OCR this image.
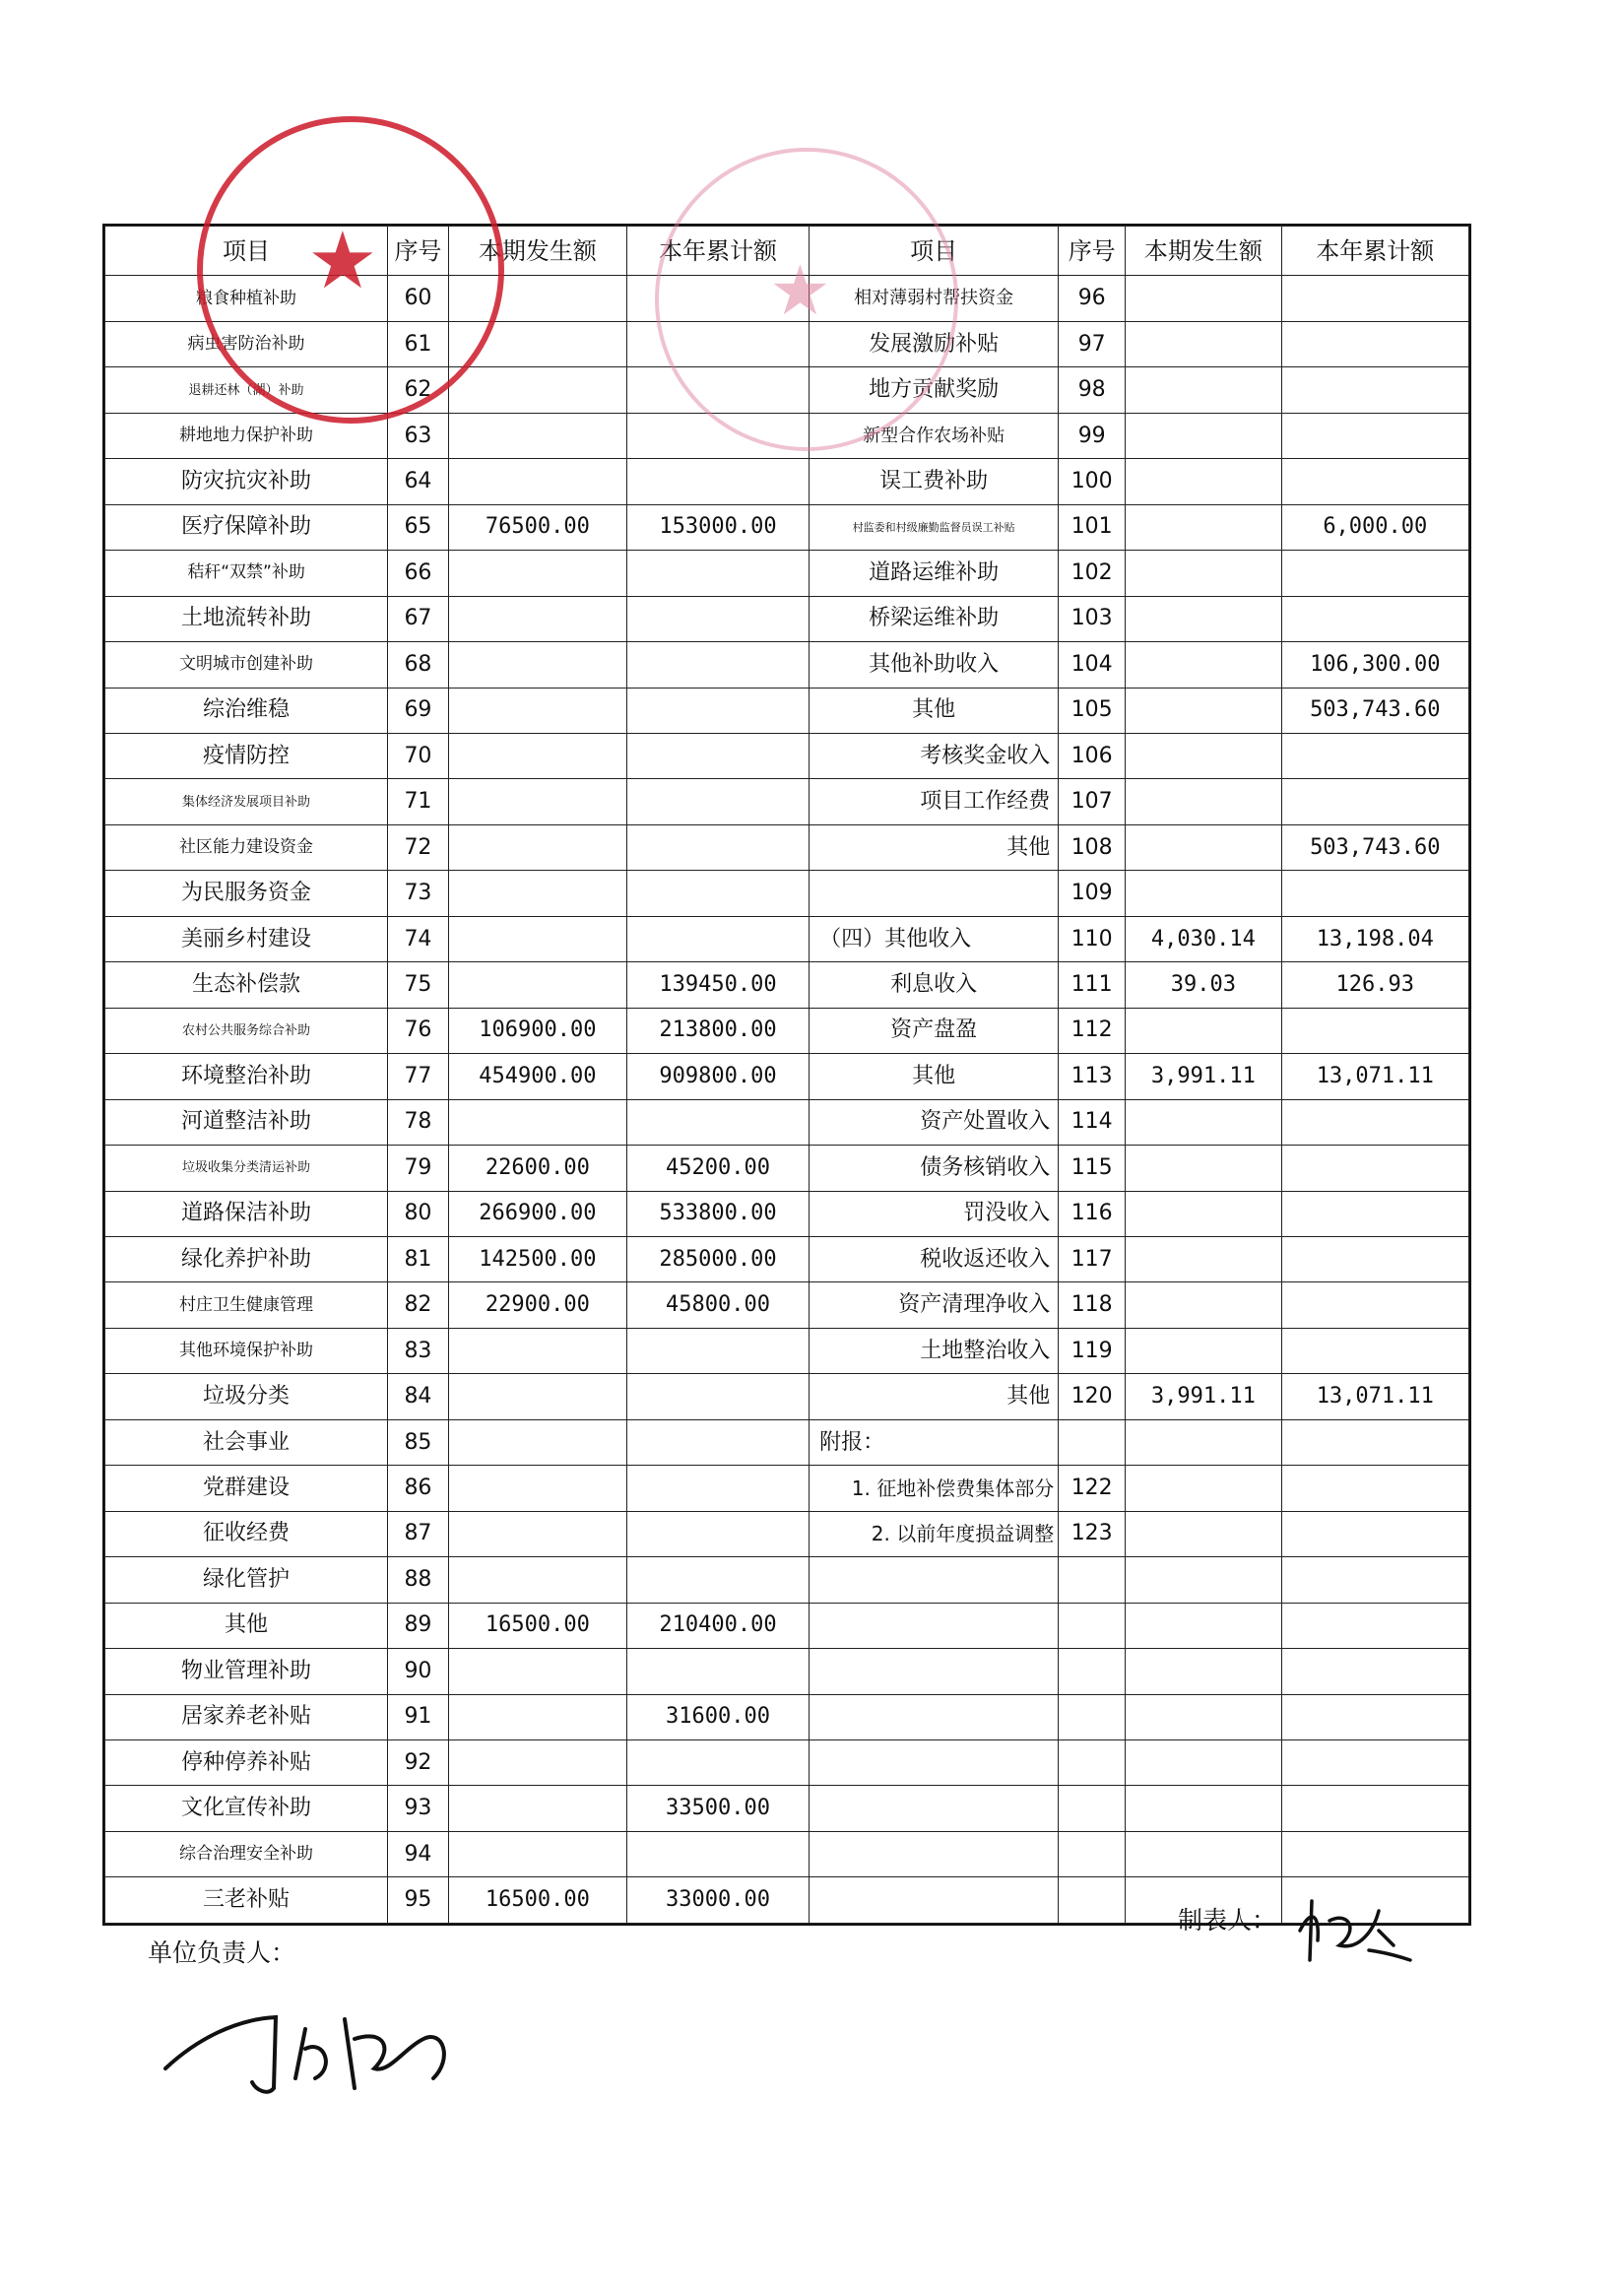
项目	序号	本期发生额	本年累计额	项目	序号	本期发生额	本年累计额
粮食种植补助	60			相对薄弱村帮扶资金	96		
病虫害防治补助	61			发展激励补贴	97		
退耕还林（湖）补助	62			地方贡献奖励	98		
耕地地力保护补助	63			新型合作农场补贴	99		
防灾抗灾补助	64			误工费补助	100		
医疗保障补助	65	76500.00	153000.00	村监委和村级廉勤监督员误工补贴	101		6,000.00
秸秆“双禁”补助	66			道路运维补助	102		
土地流转补助	67			桥梁运维补助	103		
文明城市创建补助	68			其他补助收入	104		106,300.00
综治维稳	69			其他	105		503,743.60
疫情防控	70			考核奖金收入	106		
集体经济发展项目补助	71			项目工作经费	107		
社区能力建设资金	72			其他	108		503,743.60
为民服务资金	73				109		
美丽乡村建设	74			（四）其他收入	110	4,030.14	13,198.04
生态补偿款	75		139450.00	利息收入	111	39.03	126.93
农村公共服务综合补助	76	106900.00	213800.00	资产盘盈	112		
环境整治补助	77	454900.00	909800.00	其他	113	3,991.11	13,071.11
河道整洁补助	78			资产处置收入	114		
垃圾收集分类清运补助	79	22600.00	45200.00	债务核销收入	115		
道路保洁补助	80	266900.00	533800.00	罚没收入	116		
绿化养护补助	81	142500.00	285000.00	税收返还收入	117		
村庄卫生健康管理	82	22900.00	45800.00	资产清理净收入	118		
其他环境保护补助	83			土地整治收入	119		
垃圾分类	84			其他	120	3,991.11	13,071.11
社会事业	85			附报：			
党群建设	86			1. 征地补偿费集体部分	122		
征收经费	87			2. 以前年度损益调整	123		
绿化管护	88						
其他	89	16500.00	210400.00				
物业管理补助	90						
居家养老补贴	91		31600.00				
停种停养补贴	92						
文化宣传补助	93		33500.00				
综合治理安全补助	94						
三老补贴	95	16500.00	33000.00				
★	★
单位负责人：
制表人：
